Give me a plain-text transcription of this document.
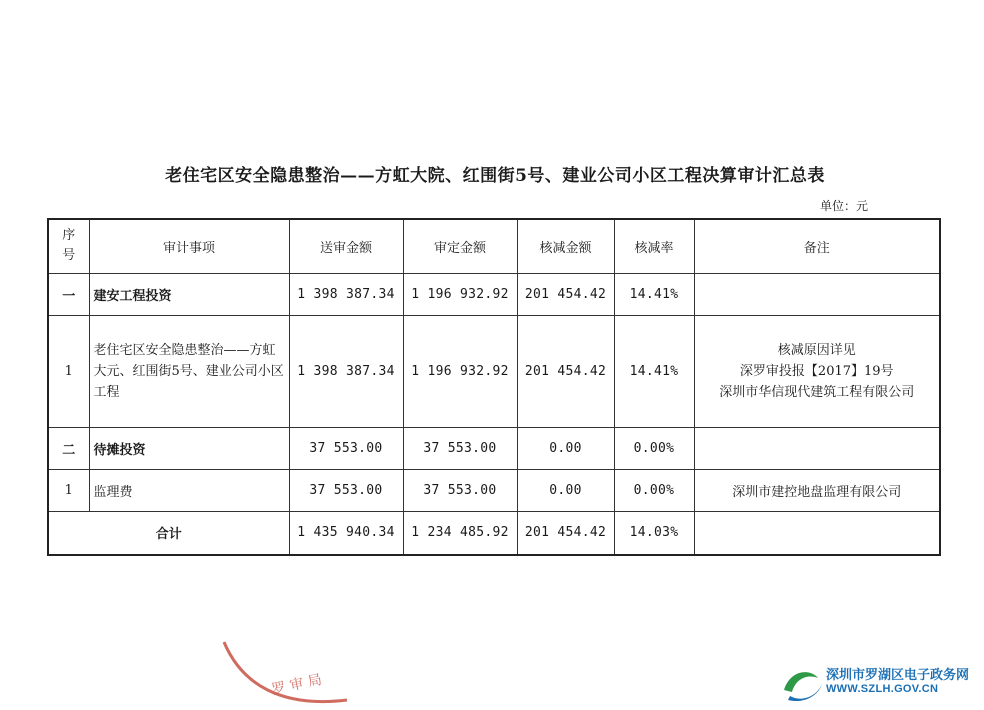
老住宅区安全隐患整治——方虹大院、红围街5号、建业公司小区工程决算审计汇总表
单位：元
序
号	审计事项	送审金额	审定金额	核减金额	核减率	备注
一	建安工程投资	1 398 387.34	1 196 932.92	201 454.42	14.41%	
1	老住宅区安全隐患整治——方虹大元、红围街5号、建业公司小区工程	1 398 387.34	1 196 932.92	201 454.42	14.41%	核减原因详见
深罗审投报【2017】19号
深圳市华信现代建筑工程有限公司
二	待摊投资	37 553.00	37 553.00	0.00	0.00%	
1	监理费	37 553.00	37 553.00	0.00	0.00%	深圳市建控地盘监理有限公司
合计		1 435 940.34	1 234 485.92	201 454.42	14.03%	
罗 审 局	深圳市罗湖区电子政务网
WWW.SZLH.GOV.CN
